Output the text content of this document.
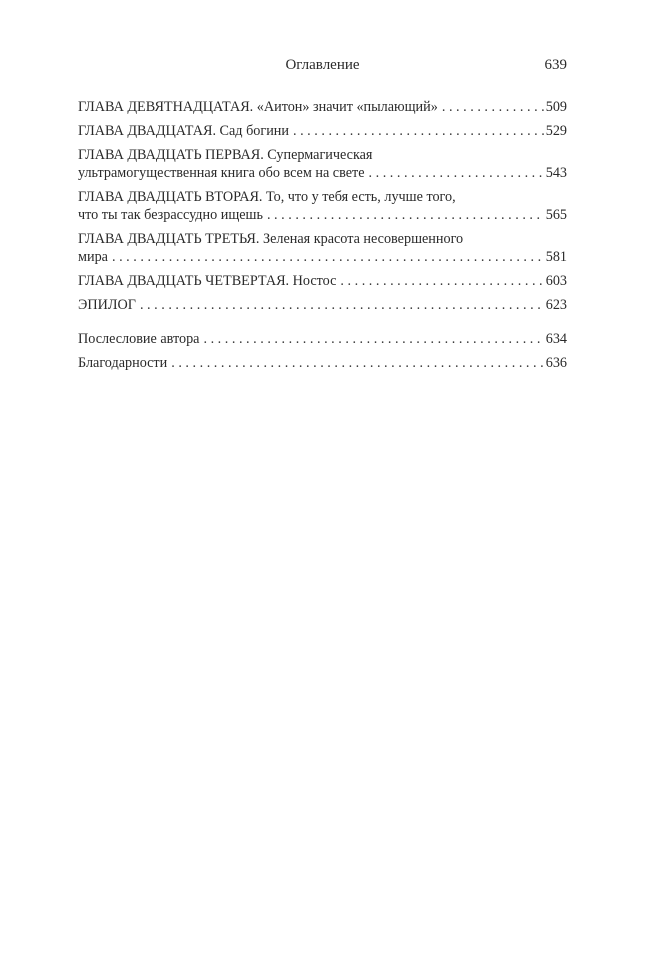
Оглавление	639
ГЛАВА ДЕВЯТНАДЦАТАЯ. «Аитон» значит «пылающий» . . .	509
ГЛАВА ДВАДЦАТАЯ. Сад богини . . .	529
ГЛАВА ДВАДЦАТЬ ПЕРВАЯ. Супермагическая
ультрамогущественная книга обо всем на свете . . .	543
ГЛАВА ДВАДЦАТЬ ВТОРАЯ. То, что у тебя есть, лучше того,
что ты так безрассудно ищешь . . .	565
ГЛАВА ДВАДЦАТЬ ТРЕТЬЯ. Зеленая красота несовершенного
мира . . .	581
ГЛАВА ДВАДЦАТЬ ЧЕТВЕРТАЯ. Ностос . . .	603
ЭПИЛОГ . . .	623
Послесловие автора . . .	634
Благодарности . . .	636
